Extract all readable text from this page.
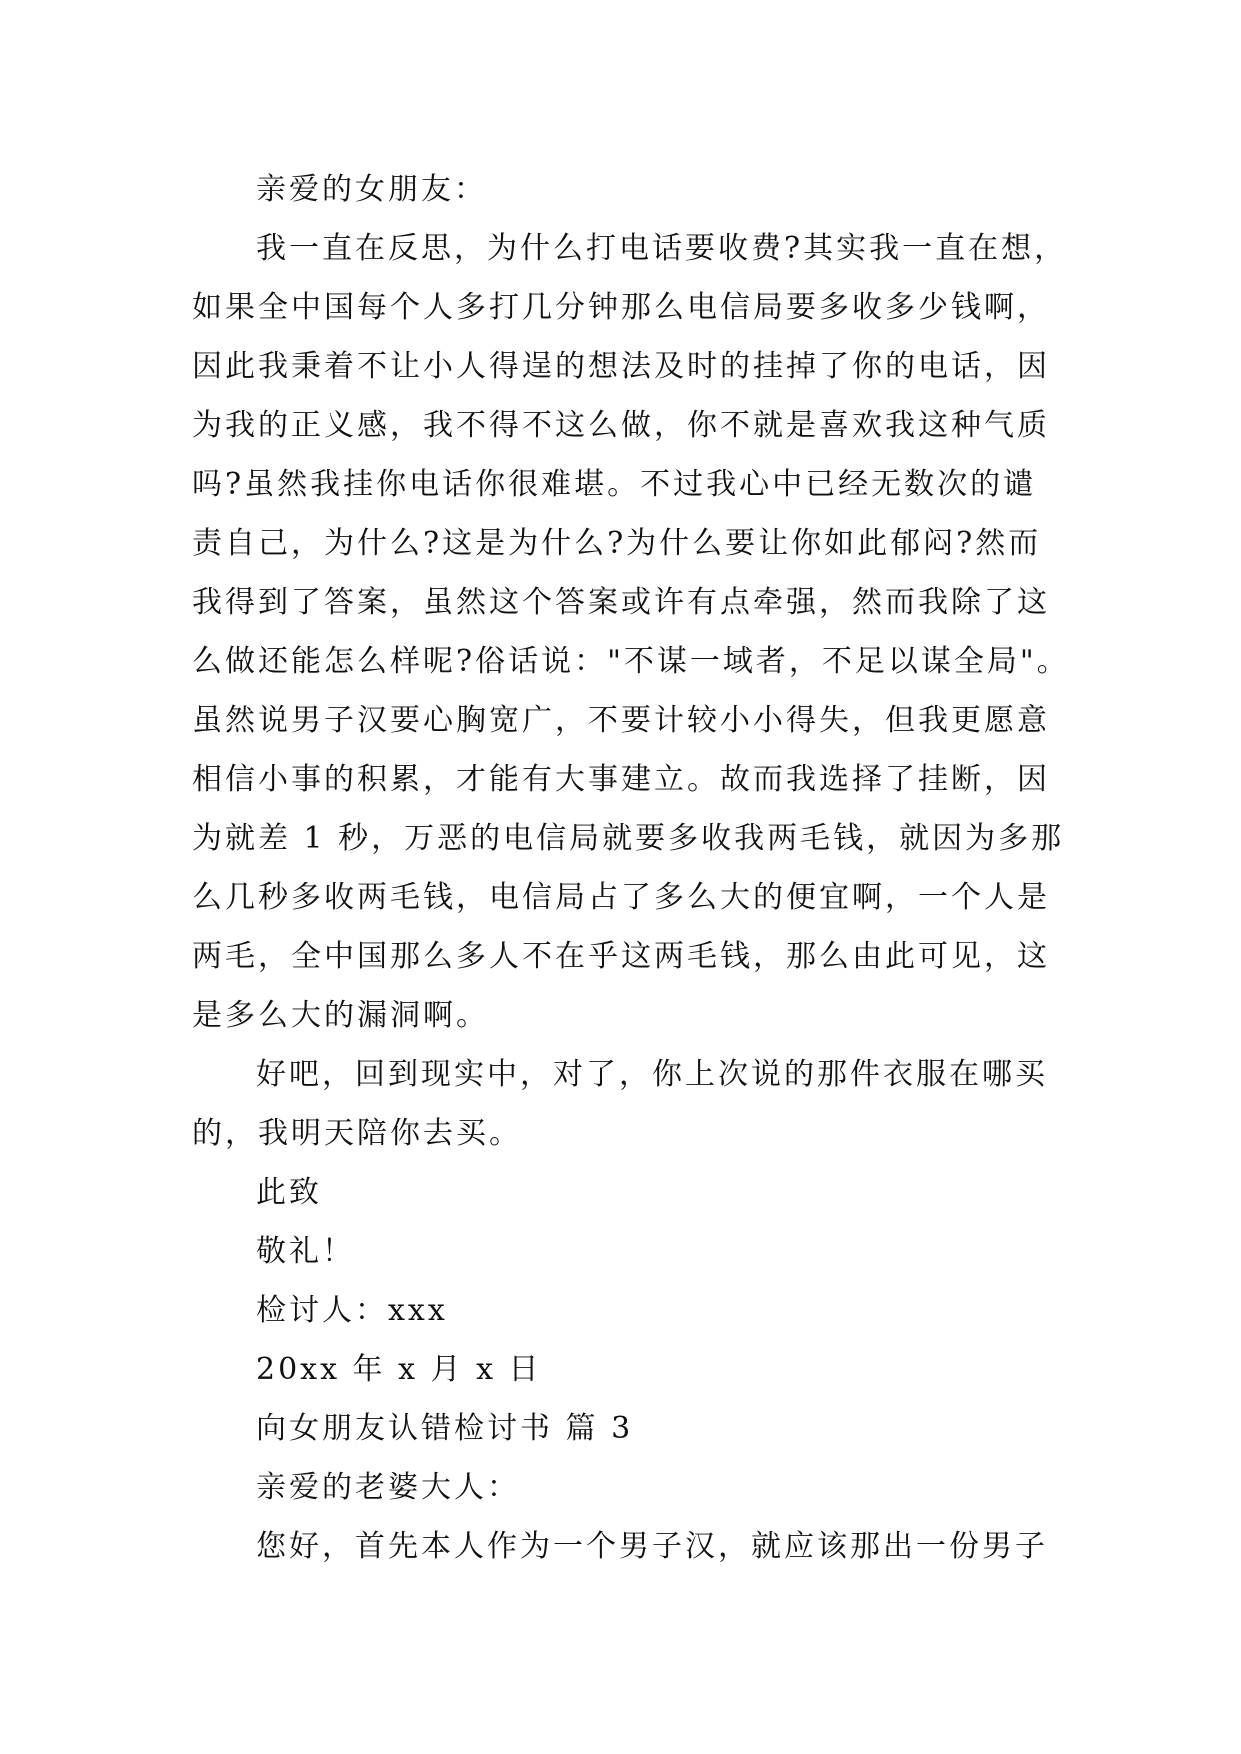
亲爱的女朋友：
我一直在反思，为什么打电话要收费?其实我一直在想，
如果全中国每个人多打几分钟那么电信局要多收多少钱啊，
因此我秉着不让小人得逞的想法及时的挂掉了你的电话，因
为我的正义感，我不得不这么做，你不就是喜欢我这种气质
吗?虽然我挂你电话你很难堪。不过我心中已经无数次的谴
责自己，为什么?这是为什么?为什么要让你如此郁闷?然而
我得到了答案，虽然这个答案或许有点牵强，然而我除了这
么做还能怎么样呢?俗话说："不谋一域者，不足以谋全局"。
虽然说男子汉要心胸宽广，不要计较小小得失，但我更愿意
相信小事的积累，才能有大事建立。故而我选择了挂断，因
为就差 1 秒，万恶的电信局就要多收我两毛钱，就因为多那
么几秒多收两毛钱，电信局占了多么大的便宜啊，一个人是
两毛，全中国那么多人不在乎这两毛钱，那么由此可见，这
是多么大的漏洞啊。
好吧，回到现实中，对了，你上次说的那件衣服在哪买
的，我明天陪你去买。
此致
敬礼！
检讨人：xxx
20xx 年 x 月 x 日
向女朋友认错检讨书 篇 3
亲爱的老婆大人：
您好，首先本人作为一个男子汉，就应该那出一份男子
